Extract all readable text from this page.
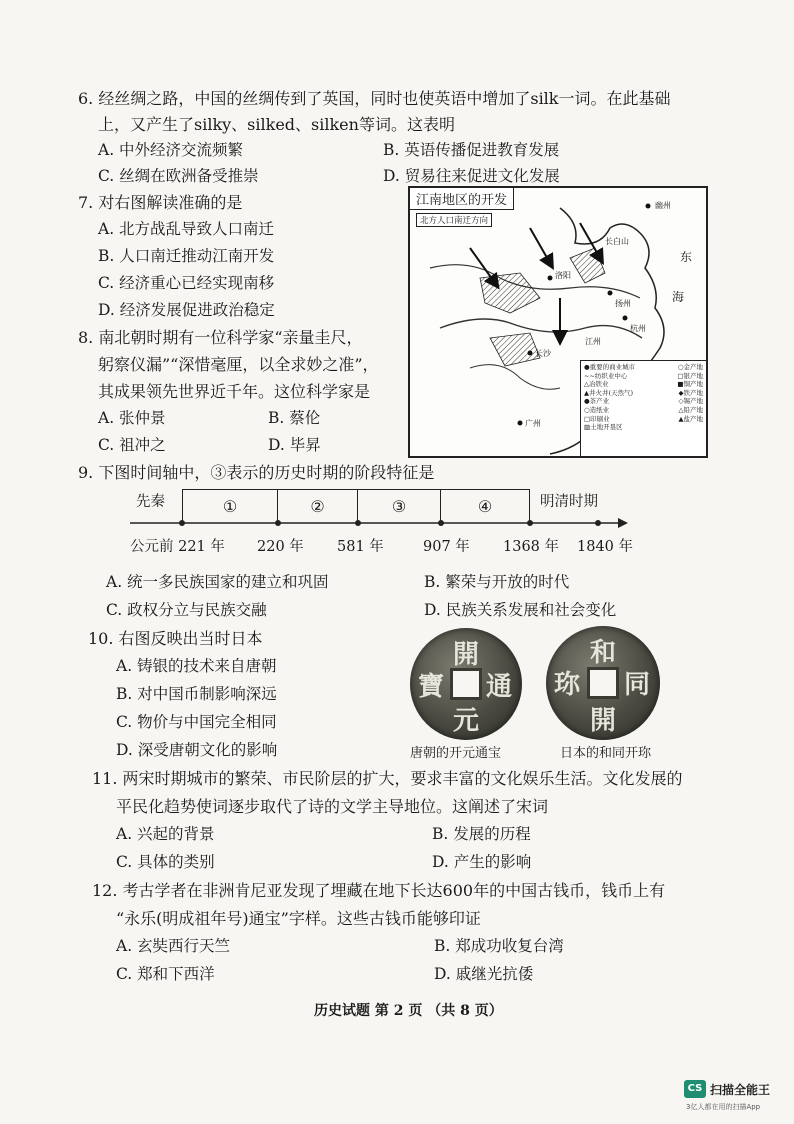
6. 经丝绸之路，中国的丝绸传到了英国，同时也使英语中增加了silk一词。在此基础
上，又产生了silky、silked、silken等词。这表明
A. 中外经济交流频繁	B. 英语传播促进教育发展
C. 丝绸在欧洲备受推崇	D. 贸易往来促进文化发展
7. 对右图解读准确的是
A. 北方战乱导致人口南迁
B. 人口南迁推动江南开发
C. 经济重心已经实现南移
D. 经济发展促进政治稳定
江南地区的开发
北方人口南迁方向
幽州
长白山
东
海
扬州
杭州
洛阳
长沙
广州
江州
●重要的商业城市	○金产地
~~纺织业中心	□银产地
△冶铁业	■铜产地
▲井火井(天然气)	◆铁产地
●茶产业	◇锡产地
○造纸业	△铅产地
□印刷业	▲盐产地
▨土地开垦区
8. 南北朝时期有一位科学家“亲量圭尺，
躬察仪漏”“深惜毫厘，以全求妙之准”，
其成果领先世界近千年。这位科学家是
A. 张仲景	B. 蔡伦
C. 祖冲之	D. 毕昇
9. 下图时间轴中，③表示的历史时期的阶段特征是
先秦	明清时期
①	②	③	④
公元前 221 年 220 年 581 年	907 年 1368 年 1840 年
A. 统一多民族国家的建立和巩固	B. 繁荣与开放的时代
C. 政权分立与民族交融	D. 民族关系发展和社会变化
10. 右图反映出当时日本
A. 铸银的技术来自唐朝
B. 对中国币制影响深远
C. 物价与中国完全相同
D. 深受唐朝文化的影响
開
元
通
寶
唐朝的开元通宝
和
同
開
珎
日本的和同开珎
11. 两宋时期城市的繁荣、市民阶层的扩大，要求丰富的文化娱乐生活。文化发展的
平民化趋势使词逐步取代了诗的文学主导地位。这阐述了宋词
A. 兴起的背景	B. 发展的历程
C. 具体的类别	D. 产生的影响
12. 考古学者在非洲肯尼亚发现了埋藏在地下长达600年的中国古钱币，钱币上有
“永乐(明成祖年号)通宝”字样。这些古钱币能够印证
A. 玄奘西行天竺	B. 郑成功收复台湾
C. 郑和下西洋	D. 戚继光抗倭
历史试题 第 2 页 （共 8 页）
CS 扫描全能王
3亿人都在用的扫描App
